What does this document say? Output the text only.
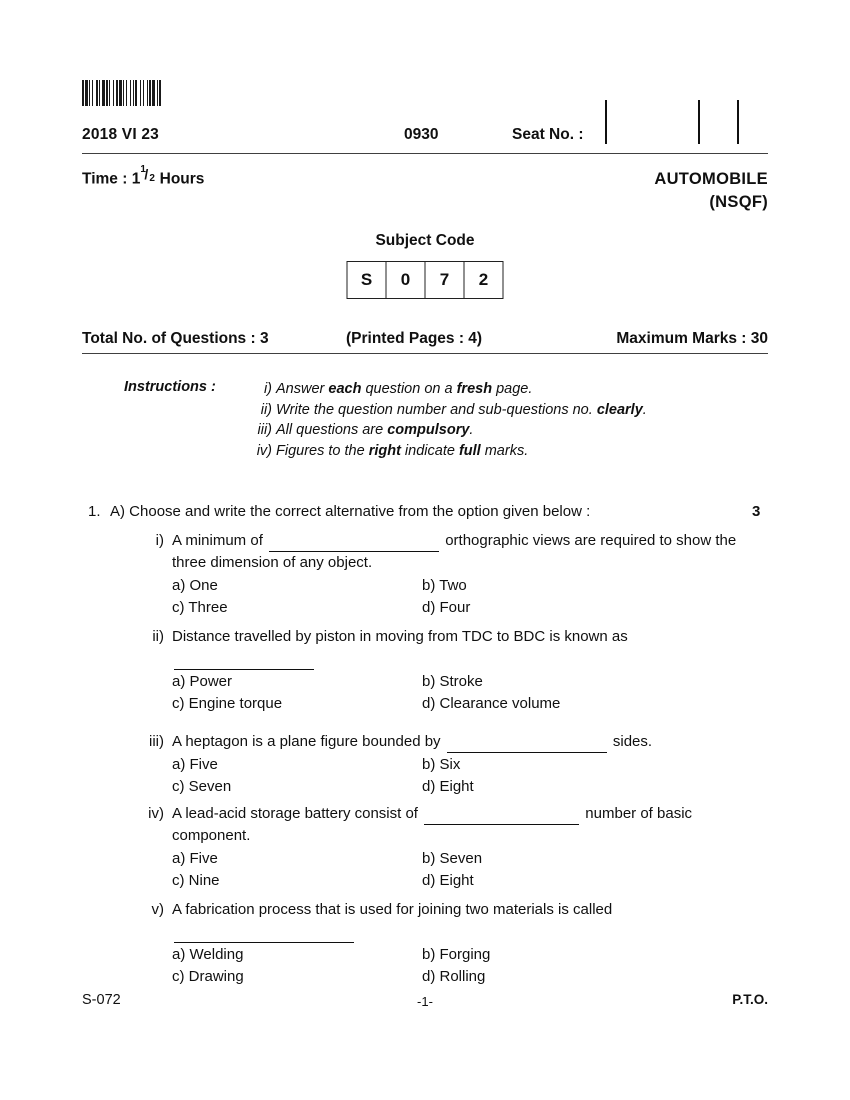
2018 VI 23	0930	Seat No. :
Time : 1
1
/ 2 Hours	AUTOMOBILE
(NSQF)
Subject Code
S	0	7	2
Total No. of Questions : 3	(Printed Pages : 4)	Maximum Marks : 30
Instructions :	i) Answer each question on a fresh page.
ii) Write the question number and sub-questions no. clearly.
iii) All questions are compulsory.
iv) Figures to the right indicate full marks.
1. A) Choose and write the correct alternative from the option given below :	3
i) A minimum of	orthographic views are required to show the three dimension of any object.
a) One	b) Two
c) Three	d) Four
ii) Distance travelled by piston in moving from TDC to BDC is known as
a) Power	b) Stroke
c) Engine torque	d) Clearance volume
iii) A heptagon is a plane figure bounded by	sides.
a) Five	b) Six
c) Seven	d) Eight
iv) A lead-acid storage battery consist of	number of basic component.
a) Five	b) Seven
c) Nine	d) Eight
v) A fabrication process that is used for joining two materials is called
a) Welding	b) Forging
c) Drawing	d) Rolling
S-072	-1-	P.T.O.
